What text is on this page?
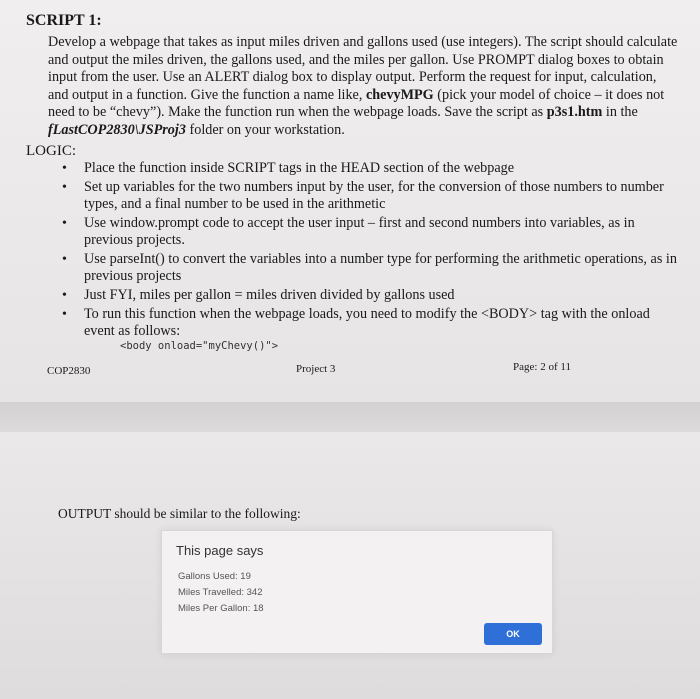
SCRIPT 1:
Develop a webpage that takes as input miles driven and gallons used (use integers). The script should calculate and output the miles driven, the gallons used, and the miles per gallon. Use PROMPT dialog boxes to obtain input from the user. Use an ALERT dialog box to display output. Perform the request for input, calculation, and output in a function. Give the function a name like, chevyMPG (pick your model of choice – it does not need to be “chevy”). Make the function run when the webpage loads. Save the script as p3s1.htm in the fLastCOP2830\JSProj3 folder on your workstation.
LOGIC:
• Place the function inside SCRIPT tags in the HEAD section of the webpage
• Set up variables for the two numbers input by the user, for the conversion of those numbers to number types, and a final number to be used in the arithmetic
• Use window.prompt code to accept the user input – first and second numbers into variables, as in previous projects.
• Use parseInt() to convert the variables into a number type for performing the arithmetic operations, as in previous projects
• Just FYI, miles per gallon = miles driven divided by gallons used
• To run this function when the webpage loads, you need to modify the <BODY> tag with the onload event as follows:
<body onload="myChevy()">
COP2830	Project 3	Page: 2 of 11
OUTPUT should be similar to the following:
This page says
Gallons Used: 19
Miles Travelled: 342
Miles Per Gallon: 18
OK
